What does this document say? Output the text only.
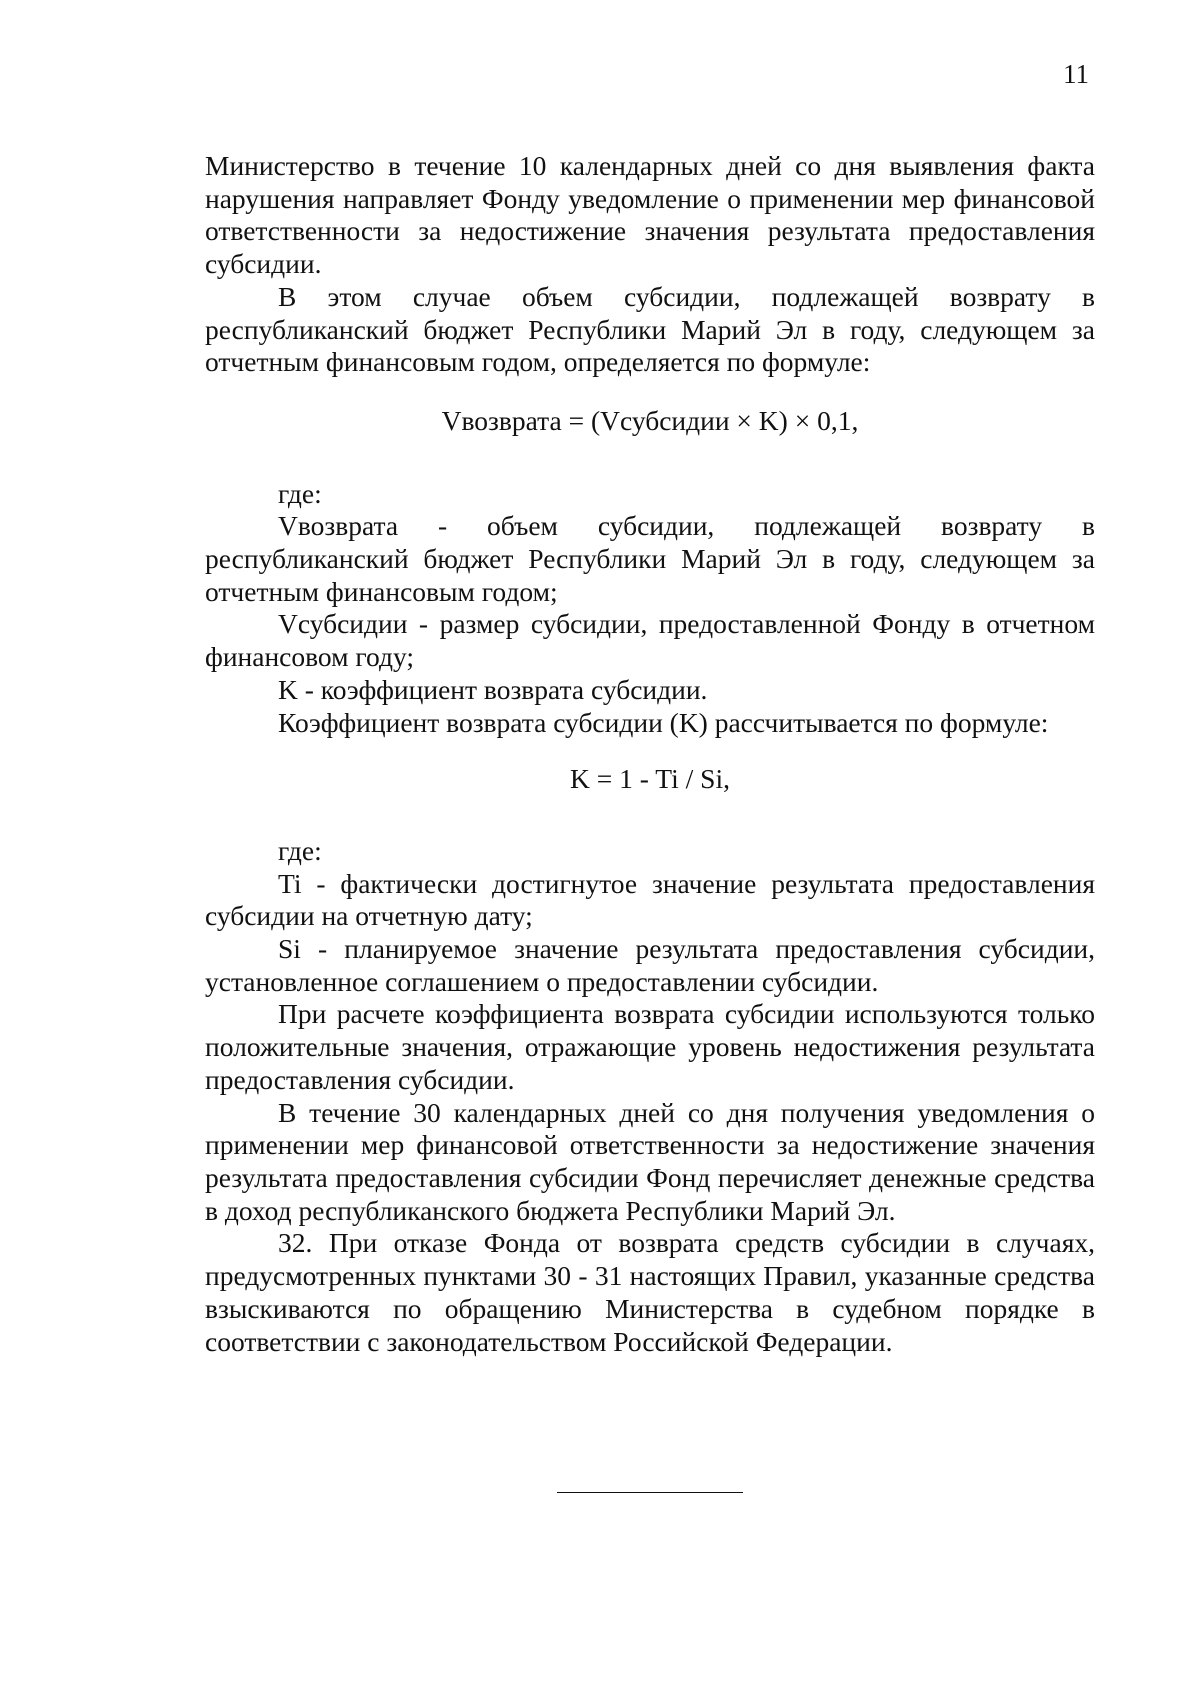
11

Министерство в течение 10 календарных дней со дня выявления факта нарушения направляет Фонду уведомление о применении мер финансовой ответственности за недостижение значения результата предоставления субсидии.

В этом случае объем субсидии, подлежащей возврату в республиканский бюджет Республики Марий Эл в году, следующем за отчетным финансовым годом, определяется по формуле:

Vвозврата = (Vсубсидии × K) × 0,1,

где:

Vвозврата - объем субсидии, подлежащей возврату в республиканский бюджет Республики Марий Эл в году, следующем за отчетным финансовым годом;

Vсубсидии - размер субсидии, предоставленной Фонду в отчетном финансовом году;

K - коэффициент возврата субсидии.

Коэффициент возврата субсидии (K) рассчитывается по формуле:

K = 1 - Ti / Si,

где:

Ti - фактически достигнутое значение результата предоставления субсидии на отчетную дату;

Si - планируемое значение результата предоставления субсидии, установленное соглашением о предоставлении субсидии.

При расчете коэффициента возврата субсидии используются только положительные значения, отражающие уровень недостижения результата предоставления субсидии.

В течение 30 календарных дней со дня получения уведомления о применении мер финансовой ответственности за недостижение значения результата предоставления субсидии Фонд перечисляет денежные средства в доход республиканского бюджета Республики Марий Эл.

32. При отказе Фонда от возврата средств субсидии в случаях, предусмотренных пунктами 30 - 31 настоящих Правил, указанные средства взыскиваются по обращению Министерства в судебном порядке в соответствии с законодательством Российской Федерации.
